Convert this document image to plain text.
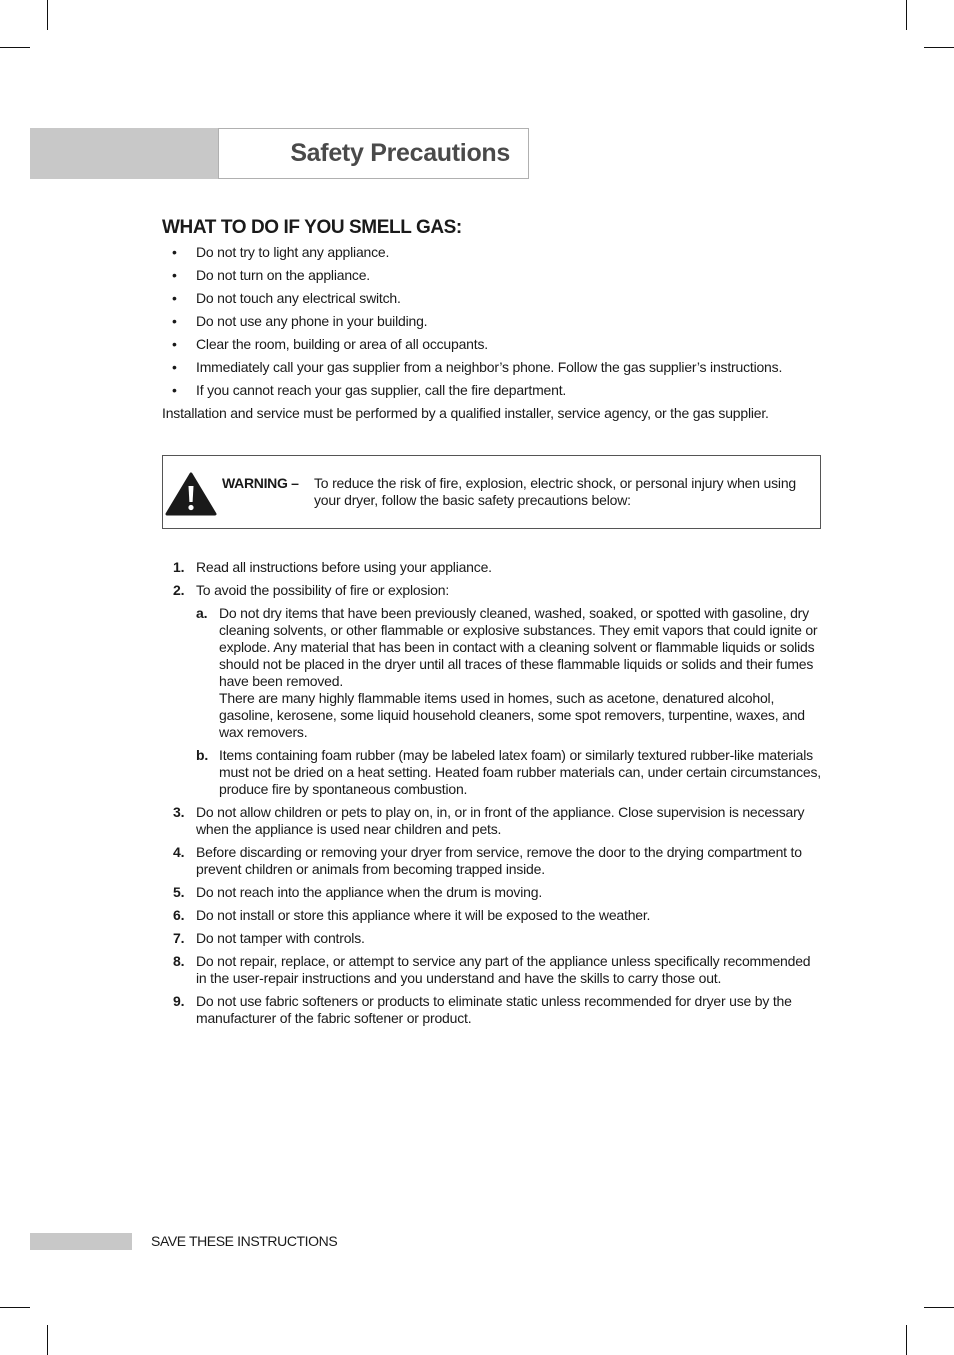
Safety Precautions
WHAT TO DO IF YOU SMELL GAS:
• Do not try to light any appliance.
• Do not turn on the appliance.
• Do not touch any electrical switch.
• Do not use any phone in your building.
• Clear the room, building or area of all occupants.
• Immediately call your gas supplier from a neighbor’s phone. Follow the gas supplier’s instructions.
• If you cannot reach your gas supplier, call the fire department.
Installation and service must be performed by a qualified installer, service agency, or the gas supplier.
WARNING – To reduce the risk of fire, explosion, electric shock, or personal injury when using your dryer, follow the basic safety precautions below:
1. Read all instructions before using your appliance.
2. To avoid the possibility of fire or explosion:
a. Do not dry items that have been previously cleaned, washed, soaked, or spotted with gasoline, dry cleaning solvents, or other flammable or explosive substances. They emit vapors that could ignite or explode. Any material that has been in contact with a cleaning solvent or flammable liquids or solids should not be placed in the dryer until all traces of these flammable liquids or solids and their fumes have been removed.
There are many highly flammable items used in homes, such as acetone, denatured alcohol, gasoline, kerosene, some liquid household cleaners, some spot removers, turpentine, waxes, and wax removers.
b. Items containing foam rubber (may be labeled latex foam) or similarly textured rubber-like materials must not be dried on a heat setting. Heated foam rubber materials can, under certain circumstances, produce fire by spontaneous combustion.
3. Do not allow children or pets to play on, in, or in front of the appliance. Close supervision is necessary when the appliance is used near children and pets.
4. Before discarding or removing your dryer from service, remove the door to the drying compartment to prevent children or animals from becoming trapped inside.
5. Do not reach into the appliance when the drum is moving.
6. Do not install or store this appliance where it will be exposed to the weather.
7. Do not tamper with controls.
8. Do not repair, replace, or attempt to service any part of the appliance unless specifically recommended in the user-repair instructions and you understand and have the skills to carry those out.
9. Do not use fabric softeners or products to eliminate static unless recommended for dryer use by the manufacturer of the fabric softener or product.
SAVE THESE INSTRUCTIONS
